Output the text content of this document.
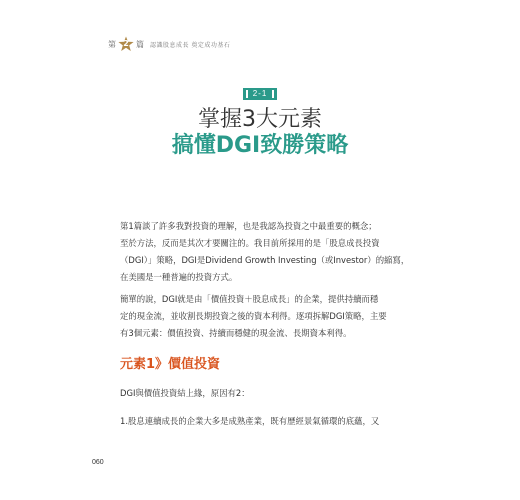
第 2 篇 認識股息成長 奠定成功基石
2-1
掌握3大元素
搞懂DGI致勝策略
第1篇談了許多我對投資的理解，也是我認為投資之中最重要的概念；
至於方法，反而是其次才要關注的。我目前所採用的是「股息成長投資
（DGI）」策略，DGI是Dividend Growth Investing（或Investor）的縮寫，
在美國是一種普遍的投資方式。
簡單的說，DGI就是由「價值投資＋股息成長」的企業，提供持續而穩
定的現金流，並收割長期投資之後的資本利得。逐項拆解DGI策略，主要
有3個元素：價值投資、持續而穩健的現金流、長期資本利得。
元素1》價值投資
DGI與價值投資結上緣，原因有2：
1.股息連續成長的企業大多是成熟產業，既有歷經景氣循環的底蘊，又
060
